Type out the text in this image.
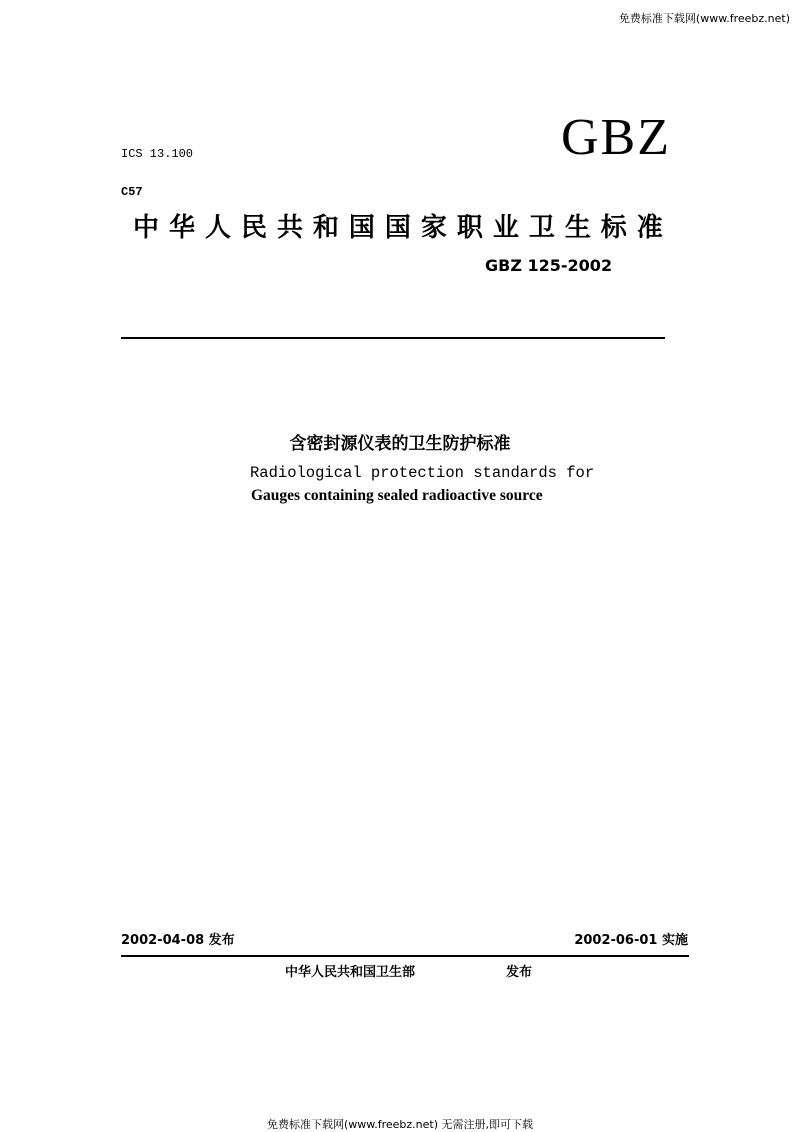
免费标准下载网(www.freebz.net)
ICS 13.100	GBZ
C57
中 华 人 民 共 和 国 国 家 职 业 卫 生 标 准
GBZ 125-2002
含密封源仪表的卫生防护标准
Radiological protection standards for
Gauges containing sealed radioactive source
2002-04-08 发布	2002-06-01 实施
中华人民共和国卫生部	发布
免费标准下载网(www.freebz.net) 无需注册,即可下载
